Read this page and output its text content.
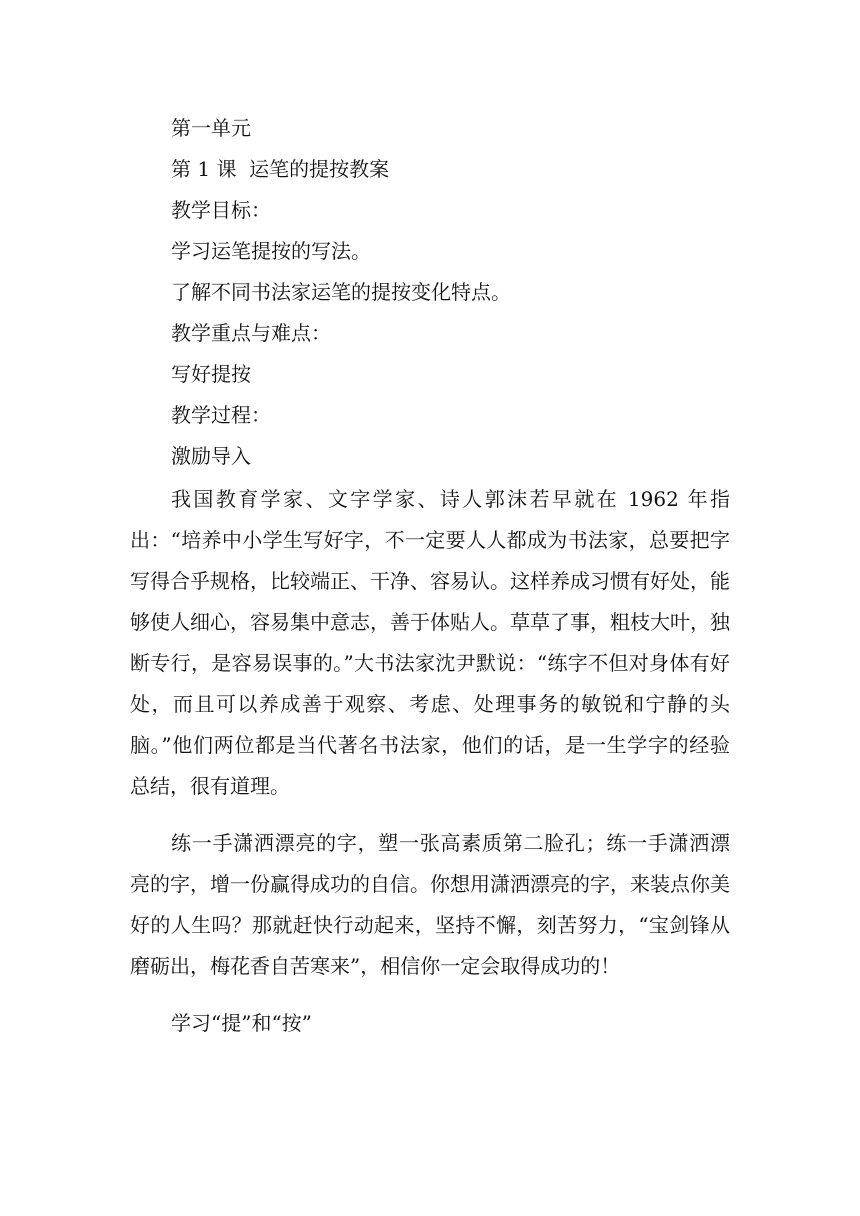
第一单元

第 1 课  运笔的提按教案

教学目标：

学习运笔提按的写法。

了解不同书法家运笔的提按变化特点。

教学重点与难点：

写好提按

教学过程：

激励导入

我国教育学家、文字学家、诗人郭沫若早就在 1962 年指出：“培养中小学生写好字，不一定要人人都成为书法家，总要把字写得合乎规格，比较端正、干净、容易认。这样养成习惯有好处，能够使人细心，容易集中意志，善于体贴人。草草了事，粗枝大叶，独断专行，是容易误事的。”大书法家沈尹默说：“练字不但对身体有好处，而且可以养成善于观察、考虑、处理事务的敏锐和宁静的头脑。”他们两位都是当代著名书法家，他们的话，是一生学字的经验总结，很有道理。

练一手潇洒漂亮的字，塑一张高素质第二脸孔；练一手潇洒漂亮的字，增一份赢得成功的自信。你想用潇洒漂亮的字，来装点你美好的人生吗？那就赶快行动起来，坚持不懈，刻苦努力，“宝剑锋从磨砺出，梅花香自苦寒来”，相信你一定会取得成功的！

学习“提”和“按”
